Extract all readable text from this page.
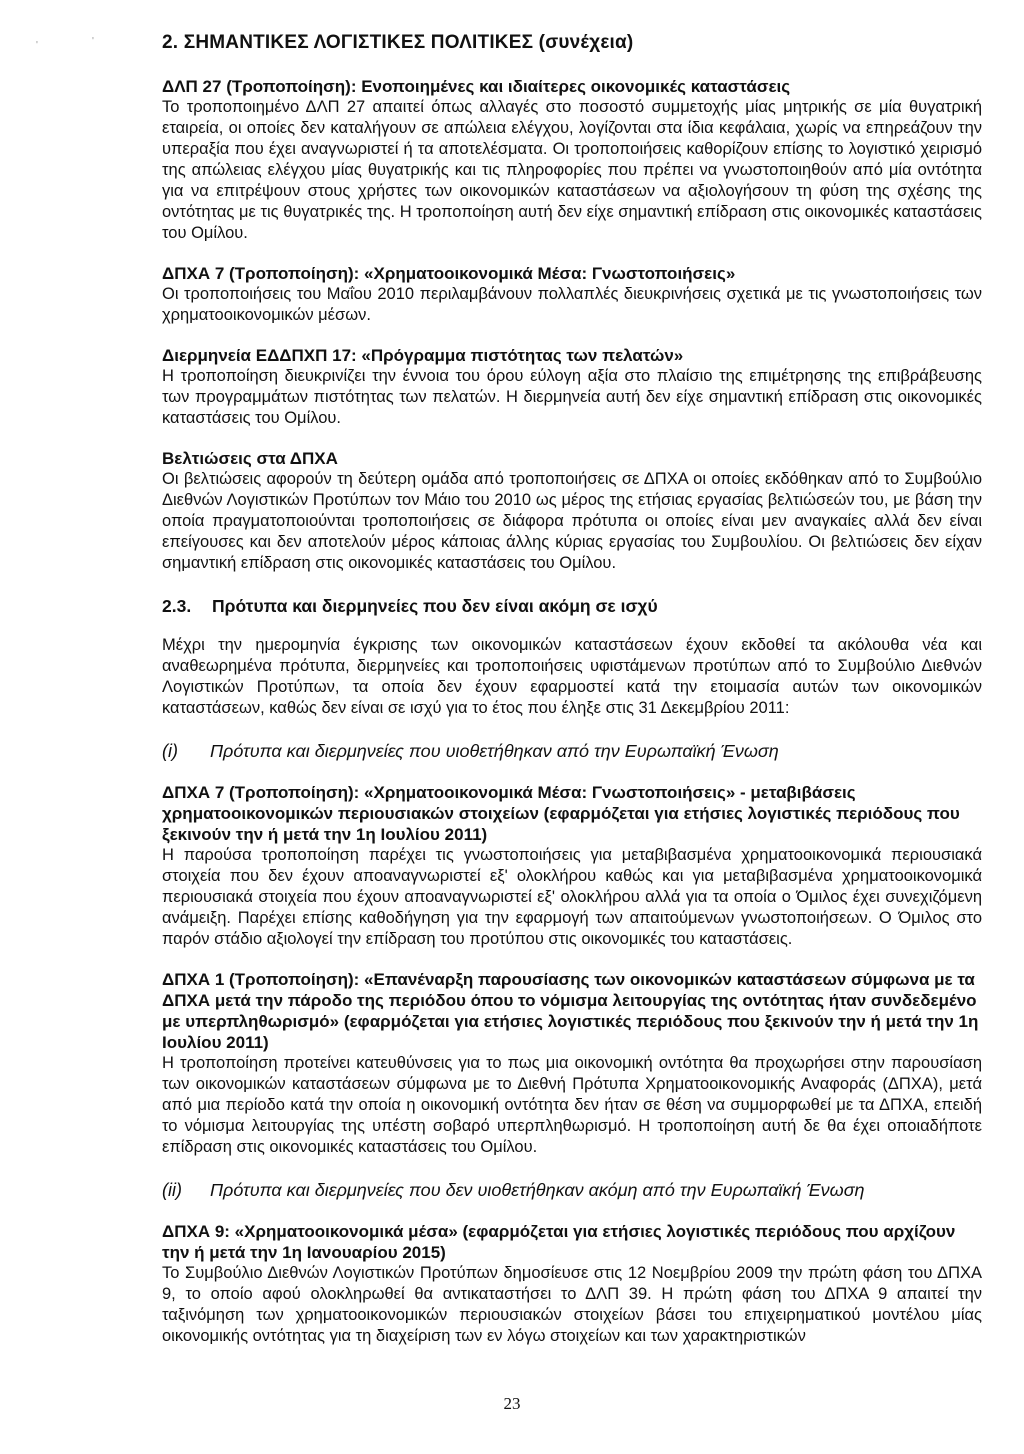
'	'	2. ΣΗΜΑΝΤΙΚΕΣ ΛΟΓΙΣΤΙΚΕΣ ΠΟΛΙΤΙΚΕΣ (συνέχεια)
ΔΛΠ 27 (Τροποποίηση): Ενοποιημένες και ιδιαίτερες οικονομικές καταστάσεις
Το τροποποιημένο ΔΛΠ 27 απαιτεί όπως αλλαγές στο ποσοστό συμμετοχής μίας μητρικής σε μία θυγατρική εταιρεία, οι οποίες δεν καταλήγουν σε απώλεια ελέγχου, λογίζονται στα ίδια κεφάλαια, χωρίς να επηρεάζουν την υπεραξία που έχει αναγνωριστεί ή τα αποτελέσματα. Οι τροποποιήσεις καθορίζουν επίσης το λογιστικό χειρισμό της απώλειας ελέγχου μίας θυγατρικής και τις πληροφορίες που πρέπει να γνωστοποιηθούν από μία οντότητα για να επιτρέψουν στους χρήστες των οικονομικών καταστάσεων να αξιολογήσουν τη φύση της σχέσης της οντότητας με τις θυγατρικές της. Η τροποποίηση αυτή δεν είχε σημαντική επίδραση στις οικονομικές καταστάσεις του Ομίλου.
ΔΠΧΑ 7 (Τροποποίηση): «Χρηματοοικονομικά Μέσα: Γνωστοποιήσεις»
Οι τροποποιήσεις του Μαΐου 2010 περιλαμβάνουν πολλαπλές διευκρινήσεις σχετικά με τις γνωστοποιήσεις των χρηματοοικονομικών μέσων.
Διερμηνεία ΕΔΔΠΧΠ 17: «Πρόγραμμα πιστότητας των πελατών»
Η τροποποίηση διευκρινίζει την έννοια του όρου εύλογη αξία στο πλαίσιο της επιμέτρησης της επιβράβευσης των προγραμμάτων πιστότητας των πελατών. Η διερμηνεία αυτή δεν είχε σημαντική επίδραση στις οικονομικές καταστάσεις του Ομίλου.
Βελτιώσεις στα ΔΠΧΑ
Οι βελτιώσεις αφορούν τη δεύτερη ομάδα από τροποποιήσεις σε ΔΠΧΑ οι οποίες εκδόθηκαν από το Συμβούλιο Διεθνών Λογιστικών Προτύπων τον Μάιο του 2010 ως μέρος της ετήσιας εργασίας βελτιώσεών του, με βάση την οποία πραγματοποιούνται τροποποιήσεις σε διάφορα πρότυπα οι οποίες είναι μεν αναγκαίες αλλά δεν είναι επείγουσες και δεν αποτελούν μέρος κάποιας άλλης κύριας εργασίας του Συμβουλίου. Οι βελτιώσεις δεν είχαν σημαντική επίδραση στις οικονομικές καταστάσεις του Ομίλου.
2.3.	Πρότυπα και διερμηνείες που δεν είναι ακόμη σε ισχύ
Μέχρι την ημερομηνία έγκρισης των οικονομικών καταστάσεων έχουν εκδοθεί τα ακόλουθα νέα και αναθεωρημένα πρότυπα, διερμηνείες και τροποποιήσεις υφιστάμενων προτύπων από το Συμβούλιο Διεθνών Λογιστικών Προτύπων, τα οποία δεν έχουν εφαρμοστεί κατά την ετοιμασία αυτών των οικονομικών καταστάσεων, καθώς δεν είναι σε ισχύ για το έτος που έληξε στις 31 Δεκεμβρίου 2011:
(i)	Πρότυπα και διερμηνείες που υιοθετήθηκαν από την Ευρωπαϊκή Ένωση
ΔΠΧΑ 7 (Τροποποίηση): «Χρηματοοικονομικά Μέσα: Γνωστοποιήσεις» - μεταβιβάσεις χρηματοοικονομικών περιουσιακών στοιχείων (εφαρμόζεται για ετήσιες λογιστικές περιόδους που ξεκινούν την ή μετά την 1η Ιουλίου 2011)
Η παρούσα τροποποίηση παρέχει τις γνωστοποιήσεις για μεταβιβασμένα χρηματοοικονομικά περιουσιακά στοιχεία που δεν έχουν αποαναγνωριστεί εξ' ολοκλήρου καθώς και για μεταβιβασμένα χρηματοοικονομικά περιουσιακά στοιχεία που έχουν αποαναγνωριστεί εξ' ολοκλήρου αλλά για τα οποία ο Όμιλος έχει συνεχιζόμενη ανάμειξη. Παρέχει επίσης καθοδήγηση για την εφαρμογή των απαιτούμενων γνωστοποιήσεων. Ο Όμιλος στο παρόν στάδιο αξιολογεί την επίδραση του προτύπου στις οικονομικές του καταστάσεις.
ΔΠΧΑ 1 (Τροποποίηση): «Επανέναρξη παρουσίασης των οικονομικών καταστάσεων σύμφωνα με τα ΔΠΧΑ μετά την πάροδο της περιόδου όπου το νόμισμα λειτουργίας της οντότητας ήταν συνδεδεμένο με υπερπληθωρισμό» (εφαρμόζεται για ετήσιες λογιστικές περιόδους που ξεκινούν την ή μετά την 1η Ιουλίου 2011)
Η τροποποίηση προτείνει κατευθύνσεις για το πως μια οικονομική οντότητα θα προχωρήσει στην παρουσίαση των οικονομικών καταστάσεων σύμφωνα με το Διεθνή Πρότυπα Χρηματοοικονομικής Αναφοράς (ΔΠΧΑ), μετά από μια περίοδο κατά την οποία η οικονομική οντότητα δεν ήταν σε θέση να συμμορφωθεί με τα ΔΠΧΑ, επειδή το νόμισμα λειτουργίας της υπέστη σοβαρό υπερπληθωρισμό. Η τροποποίηση αυτή δε θα έχει οποιαδήποτε επίδραση στις οικονομικές καταστάσεις του Ομίλου.
(ii)	Πρότυπα και διερμηνείες που δεν υιοθετήθηκαν ακόμη από την Ευρωπαϊκή Ένωση
ΔΠΧΑ 9: «Χρηματοοικονομικά μέσα» (εφαρμόζεται για ετήσιες λογιστικές περιόδους που αρχίζουν την ή μετά την 1η Ιανουαρίου 2015)
Το Συμβούλιο Διεθνών Λογιστικών Προτύπων δημοσίευσε στις 12 Νοεμβρίου 2009 την πρώτη φάση του ΔΠΧΑ 9, το οποίο αφού ολοκληρωθεί θα αντικαταστήσει το ΔΛΠ 39. Η πρώτη φάση του ΔΠΧΑ 9 απαιτεί την ταξινόμηση των χρηματοοικονομικών περιουσιακών στοιχείων βάσει του επιχειρηματικού μοντέλου μίας οικονομικής οντότητας για τη διαχείριση των εν λόγω στοιχείων και των χαρακτηριστικών
23
